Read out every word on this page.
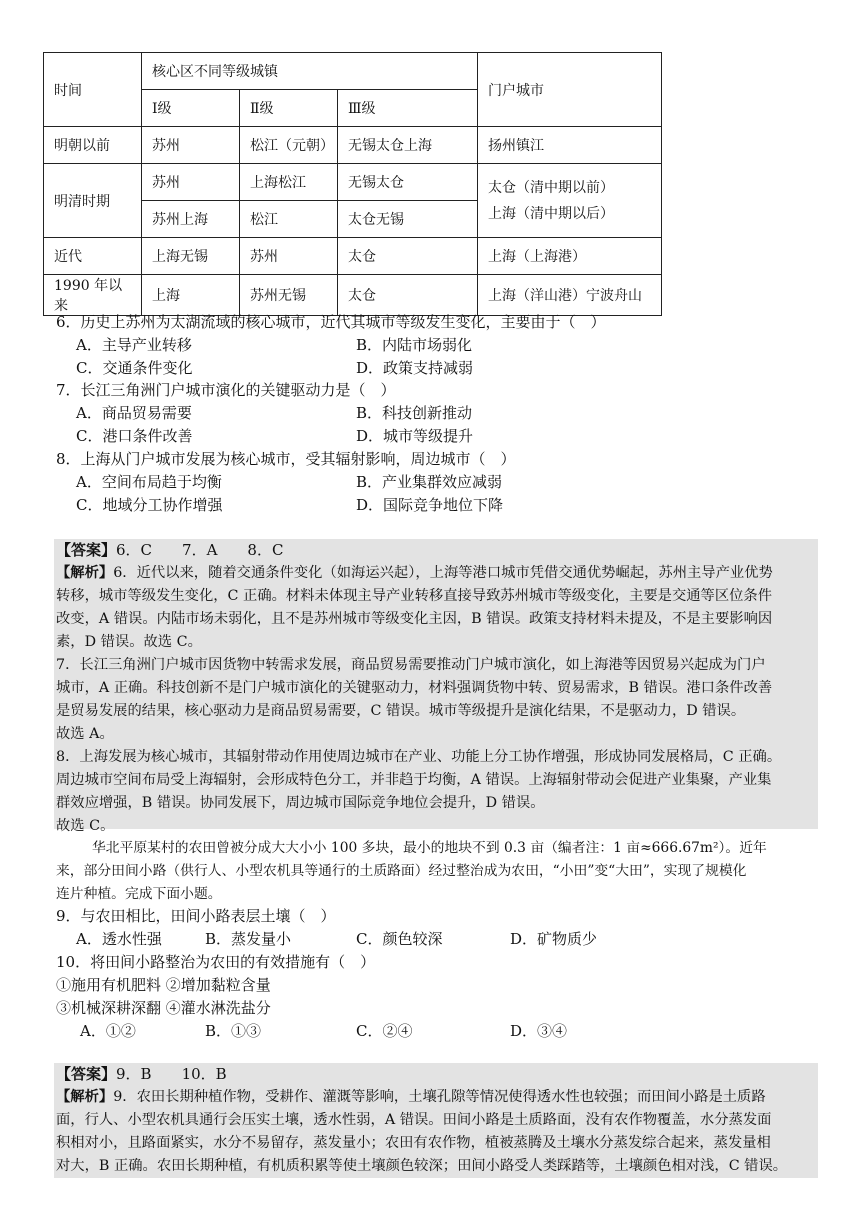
时间	核心区不同等级城镇			门户城市
	Ⅰ级	Ⅱ级	Ⅲ级	
明朝以前	苏州	松江（元朝）	无锡太仓上海	扬州镇江
明清时期	苏州	上海松江	无锡太仓	太仓（清中期以前）
上海（清中期以后）

	苏州上海	松江	太仓无锡	
近代	上海无锡	苏州	太仓	上海（上海港）
1990 年以来	上海	苏州无锡	太仓	上海（洋山港）宁波舟山
6．历史上苏州为太湖流域的核心城市，近代其城市等级发生变化，主要由于（　）
A．主导产业转移	B．内陆市场弱化
C．交通条件变化	D．政策支持减弱
7．长江三角洲门户城市演化的关键驱动力是（　）
A．商品贸易需要	B．科技创新推动
C．港口条件改善	D．城市等级提升
8．上海从门户城市发展为核心城市，受其辐射影响，周边城市（　）
A．空间布局趋于均衡	B．产业集群效应减弱
C．地域分工协作增强	D．国际竞争地位下降
【答案】6．C　　7．A　　8．C
【解析】6．近代以来，随着交通条件变化（如海运兴起），上海等港口城市凭借交通优势崛起，苏州主导产业优势
转移，城市等级发生变化，C 正确。材料未体现主导产业转移直接导致苏州城市等级变化，主要是交通等区位条件
改变，A 错误。内陆市场未弱化，且不是苏州城市等级变化主因，B 错误。政策支持材料未提及，不是主要影响因
素，D 错误。故选 C。
7．长江三角洲门户城市因货物中转需求发展，商品贸易需要推动门户城市演化，如上海港等因贸易兴起成为门户
城市，A 正确。科技创新不是门户城市演化的关键驱动力，材料强调货物中转、贸易需求，B 错误。港口条件改善
是贸易发展的结果，核心驱动力是商品贸易需要，C 错误。城市等级提升是演化结果，不是驱动力，D 错误。
故选 A。
8．上海发展为核心城市，其辐射带动作用使周边城市在产业、功能上分工协作增强，形成协同发展格局，C 正确。
周边城市空间布局受上海辐射，会形成特色分工，并非趋于均衡，A 错误。上海辐射带动会促进产业集聚，产业集
群效应增强，B 错误。协同发展下，周边城市国际竞争地位会提升，D 错误。
故选 C。
华北平原某村的农田曾被分成大大小小 100 多块，最小的地块不到 0.3 亩（编者注：1 亩≈666.67m²）。近年
来，部分田间小路（供行人、小型农机具等通行的土质路面）经过整治成为农田，“小田”变“大田”，实现了规模化
连片种植。完成下面小题。
9．与农田相比，田间小路表层土壤（　）
A．透水性强	B．蒸发量小	C．颜色较深	D．矿物质少
10．将田间小路整治为农田的有效措施有（　）
①施用有机肥料 ②增加黏粒含量
③机械深耕深翻 ④灌水淋洗盐分
A．①②	B．①③	C．②④	D．③④
【答案】9．B　　10．B
【解析】9．农田长期种植作物，受耕作、灌溉等影响，土壤孔隙等情况使得透水性也较强；而田间小路是土质路
面，行人、小型农机具通行会压实土壤，透水性弱，A 错误。田间小路是土质路面，没有农作物覆盖，水分蒸发面
积相对小，且路面紧实，水分不易留存，蒸发量小；农田有农作物，植被蒸腾及土壤水分蒸发综合起来，蒸发量相
对大，B 正确。农田长期种植，有机质积累等使土壤颜色较深；田间小路受人类踩踏等，土壤颜色相对浅，C 错误。
